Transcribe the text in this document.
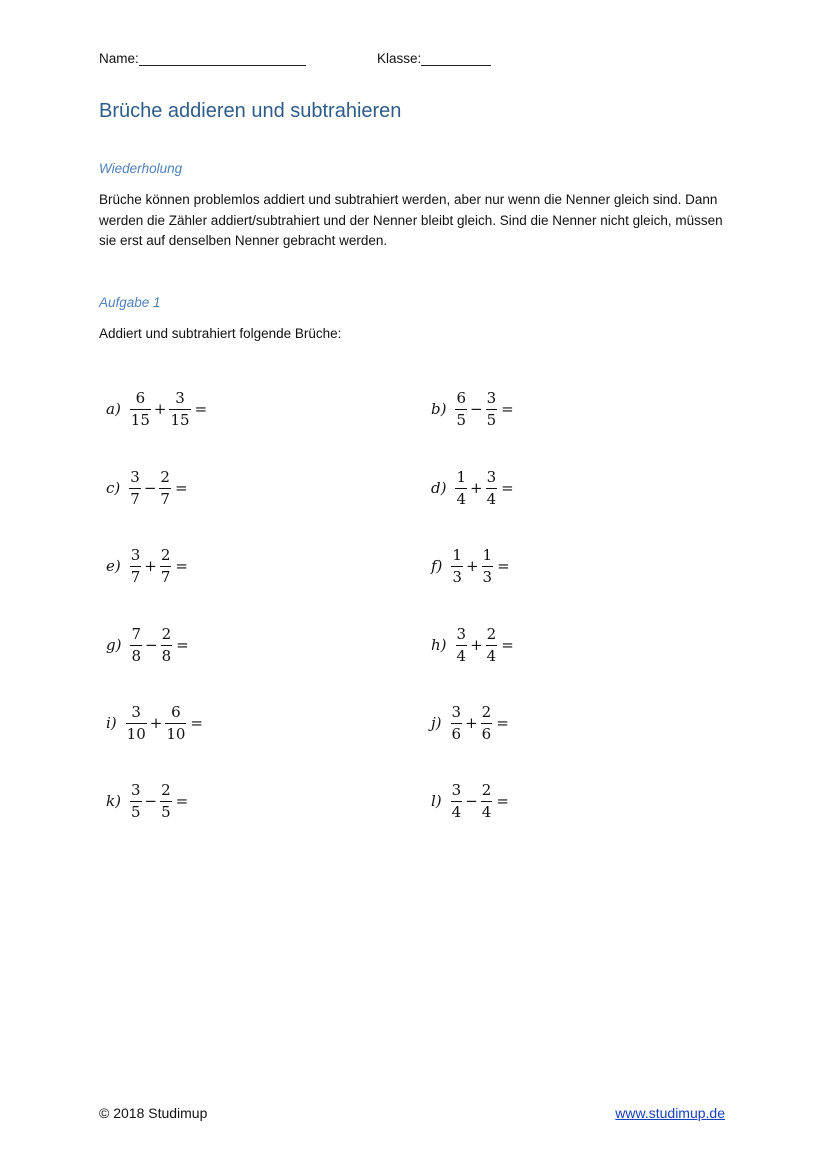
Name:	Klasse:
Brüche addieren und subtrahieren
Wiederholung

Brüche können problemlos addiert und subtrahiert werden, aber nur wenn die Nenner gleich sind. Dann werden die Zähler addiert/subtrahiert und der Nenner bleibt gleich. Sind die Nenner nicht gleich, müssen sie erst auf denselben Nenner gebracht werden.

Aufgabe 1

Addiert und subtrahiert folgende Brüche:

$a) \frac{6}{15} + \frac{3}{15}$ =	$b) \frac{6}{5} - \frac{3}{5}$ =
$c) \frac{3}{7} - \frac{2}{7}$ =	$d) \frac{1}{4} + \frac{3}{4}$ =
$e) \frac{3}{7} + \frac{2}{7}$ =	$f) \frac{1}{3} + \frac{1}{3}$ =
$g) \frac{7}{8} - \frac{2}{8}$ =	$h) \frac{3}{4} + \frac{2}{4}$ =
$i) \frac{3}{10} + \frac{6}{10}$ =	$j) \frac{3}{6} + \frac{2}{6}$ =
$k) \frac{3}{5} - \frac{2}{5}$ =	$l) \frac{3}{4} - \frac{2}{4}$ =
© 2018 Studimup	www.studimup.de
